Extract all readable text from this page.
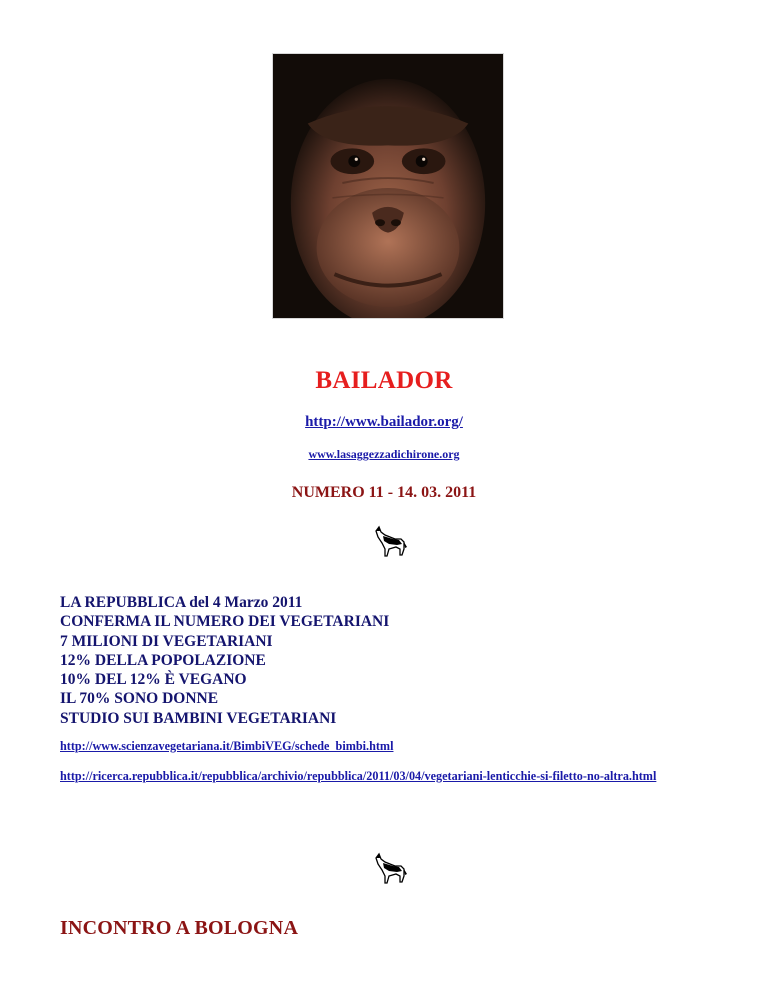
BAILADOR
http://www.bailador.org/
www.lasaggezzadichirone.org
NUMERO 11 - 14. 03. 2011
LA REPUBBLICA del 4 Marzo 2011
CONFERMA IL NUMERO DEI VEGETARIANI
7 MILIONI DI VEGETARIANI
12% DELLA POPOLAZIONE
10% DEL 12% È VEGANO
IL 70% SONO DONNE
STUDIO SUI BAMBINI VEGETARIANI

http://www.scienzavegetariana.it/BimbiVEG/schede_bimbi.html

http://ricerca.repubblica.it/repubblica/archivio/repubblica/2011/03/04/vegetariani-lenticchie-si-filetto-no-altra.html

INCONTRO A BOLOGNA
